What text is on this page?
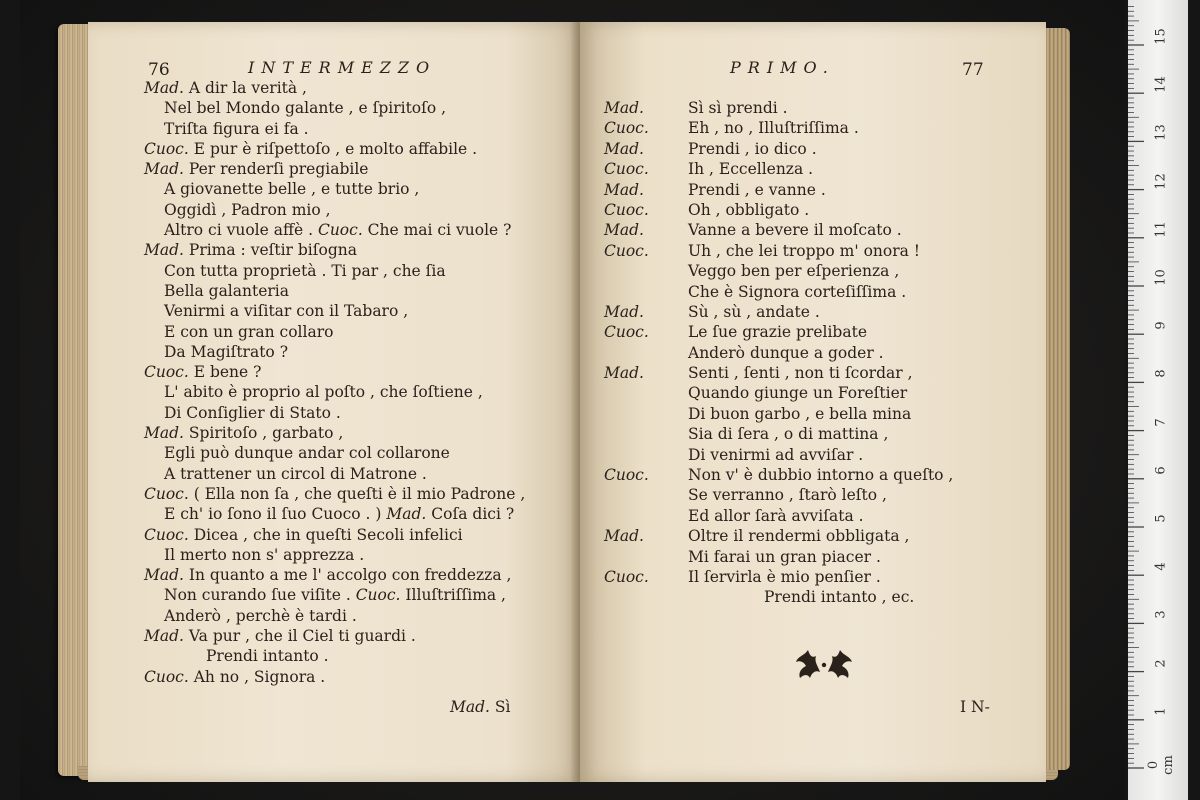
76	INTERMEZZO
Mad. A dir la verità ,
Nel bel Mondo galante , e ſpiritoſo ,
Triſta figura ei fa .
Cuoc. E pur è riſpettoſo , e molto affabile .
Mad. Per renderſi pregiabile
A giovanette belle , e tutte brio ,
Oggidì , Padron mio ,
Altro ci vuole affè . Cuoc. Che mai ci vuole ?
Mad. Prima : veſtir biſogna
Con tutta proprietà . Ti par , che ſia
Bella galanteria
Venirmi a viſitar con il Tabaro ,
E con un gran collaro
Da Magiſtrato ?
Cuoc. E bene ?
L' abito è proprio al poſto , che ſoſtiene ,
Di Conſiglier di Stato .
Mad. Spiritoſo , garbato ,
Egli può dunque andar col collarone
A trattener un circol di Matrone .
Cuoc. ( Ella non ſa , che queſti è il mio Padrone ,
E ch' io ſono il ſuo Cuoco . ) Mad. Coſa dici ?
Cuoc. Dicea , che in queſti Secoli infelici
Il merto non s' apprezza .
Mad. In quanto a me l' accolgo con freddezza ,
Non curando ſue viſite . Cuoc. Illuſtriſſima ,
Anderò , perchè è tardi .
Mad. Va pur , che il Ciel ti guardi .
Prendi intanto .
Cuoc. Ah no , Signora .
Mad. Sì
PRIMO.	77
Mad.	Sì sì prendi .
Cuoc.	Eh , no , Illuſtriſſima .
Mad.	Prendi , io dico .
Cuoc.	Ih , Eccellenza .
Mad.	Prendi , e vanne .
Cuoc.	Oh , obbligato .
Mad.	Vanne a bevere il moſcato .
Cuoc.	Uh , che lei troppo m' onora !
Veggo ben per eſperienza ,
Che è Signora corteſiſſima .
Mad.	Sù , sù , andate .
Cuoc.	Le ſue grazie prelibate
Anderò dunque a goder .
Mad.	Senti , ſenti , non ti ſcordar ,
Quando giunge un Foreſtier
Di buon garbo , e bella mina
Sia di ſera , o di mattina ,
Di venirmi ad avviſar .
Cuoc.	Non v' è dubbio intorno a queſto ,
Se verranno , ſtarò leſto ,
Ed allor ſarà avviſata .
Mad.	Oltre il rendermi obbligata ,
Mi farai un gran piacer .
Cuoc.	Il ſervirla è mio penſier .
Prendi intanto , ec.
I N-
0 cm
1
2
3
4
5
6
7
8
9
10
11
12
13
14
15
